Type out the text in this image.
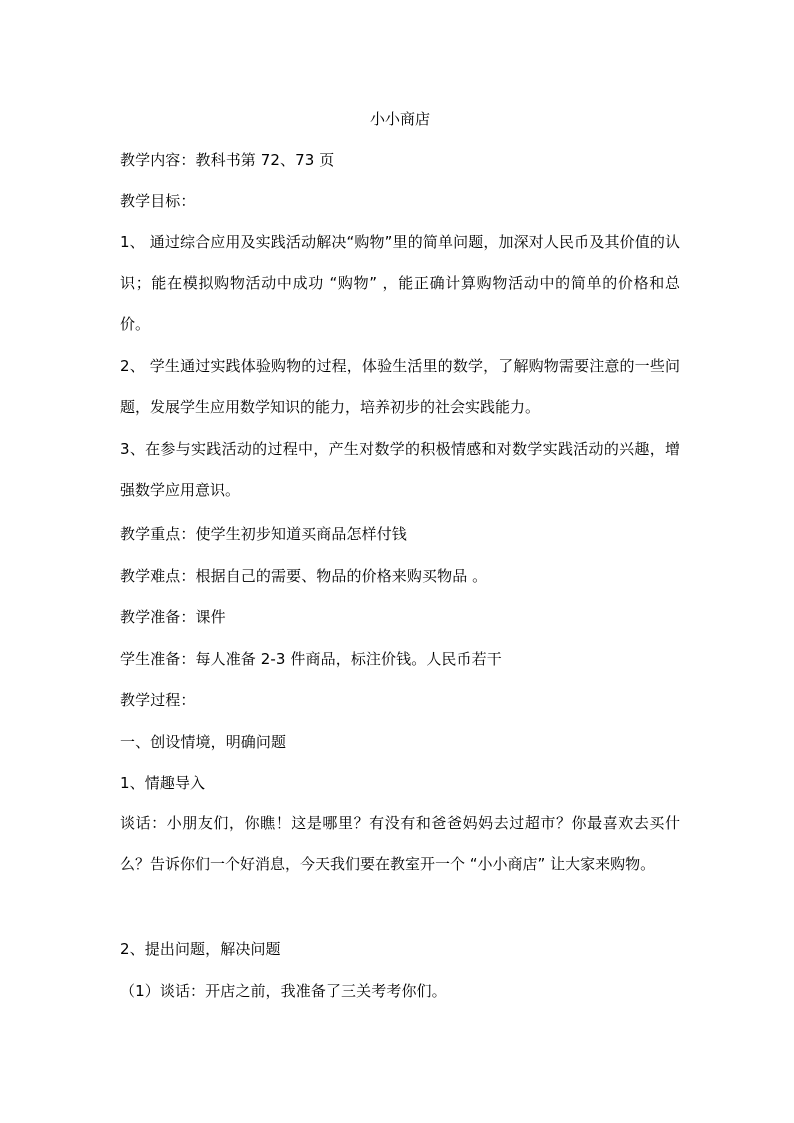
小小商店
教学内容：教科书第 72、73 页
教学目标：
1、 通过综合应用及实践活动解决“购物”里的简单问题，加深对人民币及其价值的认识；能在模拟购物活动中成功 “购物” ，能正确计算购物活动中的简单的价格和总价。
2、 学生通过实践体验购物的过程，体验生活里的数学，了解购物需要注意的一些问题，发展学生应用数学知识的能力，培养初步的社会实践能力。
3、在参与实践活动的过程中，产生对数学的积极情感和对数学实践活动的兴趣，增强数学应用意识。
教学重点：使学生初步知道买商品怎样付钱
教学难点：根据自己的需要、物品的价格来购买物品 。
教学准备：课件
学生准备：每人准备 2-3 件商品，标注价钱。人民币若干
教学过程：
一、创设情境，明确问题
1、情趣导入
谈话：小朋友们，你瞧！这是哪里？有没有和爸爸妈妈去过超市？你最喜欢去买什么？告诉你们一个好消息，今天我们要在教室开一个 “小小商店” 让大家来购物。
2、提出问题，解决问题
（1）谈话：开店之前，我准备了三关考考你们。
